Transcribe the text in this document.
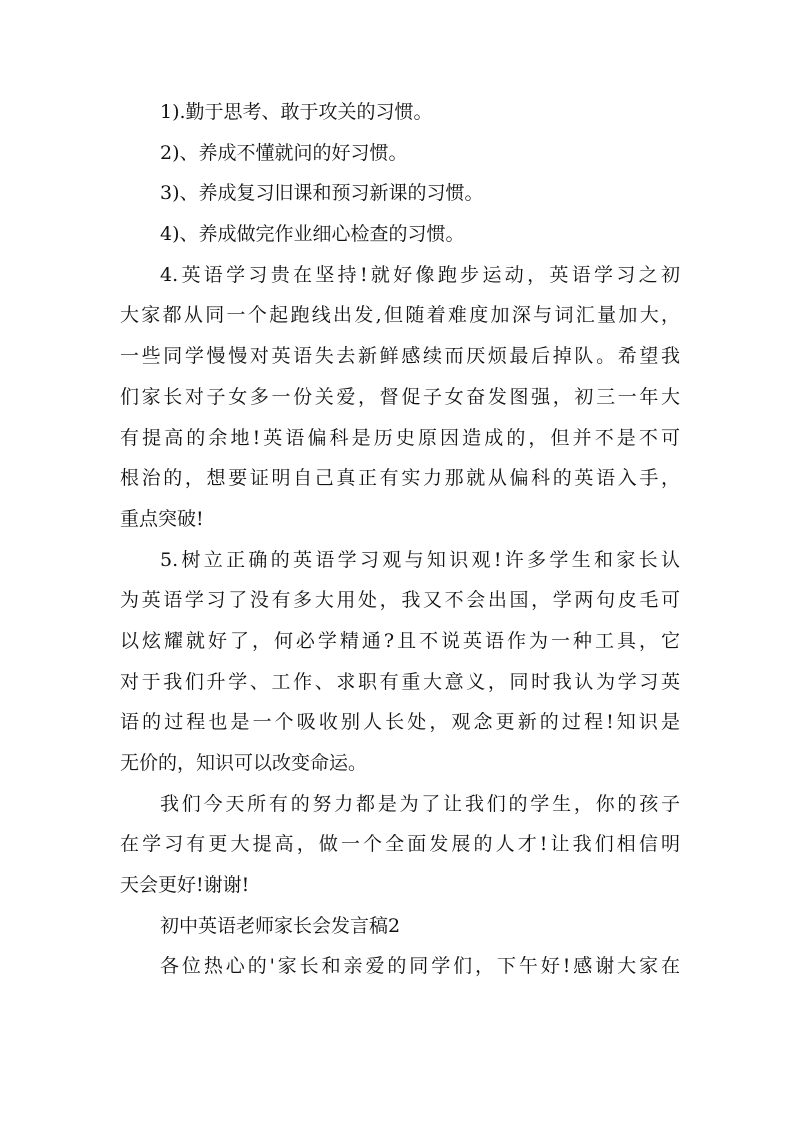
1).勤于思考、敢于攻关的习惯。
2)、养成不懂就问的好习惯。
3)、养成复习旧课和预习新课的习惯。
4)、养成做完作业细心检查的习惯。
4.英语学习贵在坚持!就好像跑步运动，英语学习之初
大家都从同一个起跑线出发,但随着难度加深与词汇量加大，
一些同学慢慢对英语失去新鲜感续而厌烦最后掉队。希望我
们家长对子女多一份关爱，督促子女奋发图强，初三一年大
有提高的余地!英语偏科是历史原因造成的，但并不是不可
根治的，想要证明自己真正有实力那就从偏科的英语入手，
重点突破!
5.树立正确的英语学习观与知识观!许多学生和家长认
为英语学习了没有多大用处，我又不会出国，学两句皮毛可
以炫耀就好了，何必学精通?且不说英语作为一种工具，它
对于我们升学、工作、求职有重大意义，同时我认为学习英
语的过程也是一个吸收别人长处，观念更新的过程!知识是
无价的，知识可以改变命运。
我们今天所有的努力都是为了让我们的学生，你的孩子
在学习有更大提高，做一个全面发展的人才!让我们相信明
天会更好!谢谢!
初中英语老师家长会发言稿2
各位热心的'家长和亲爱的同学们，下午好!感谢大家在
